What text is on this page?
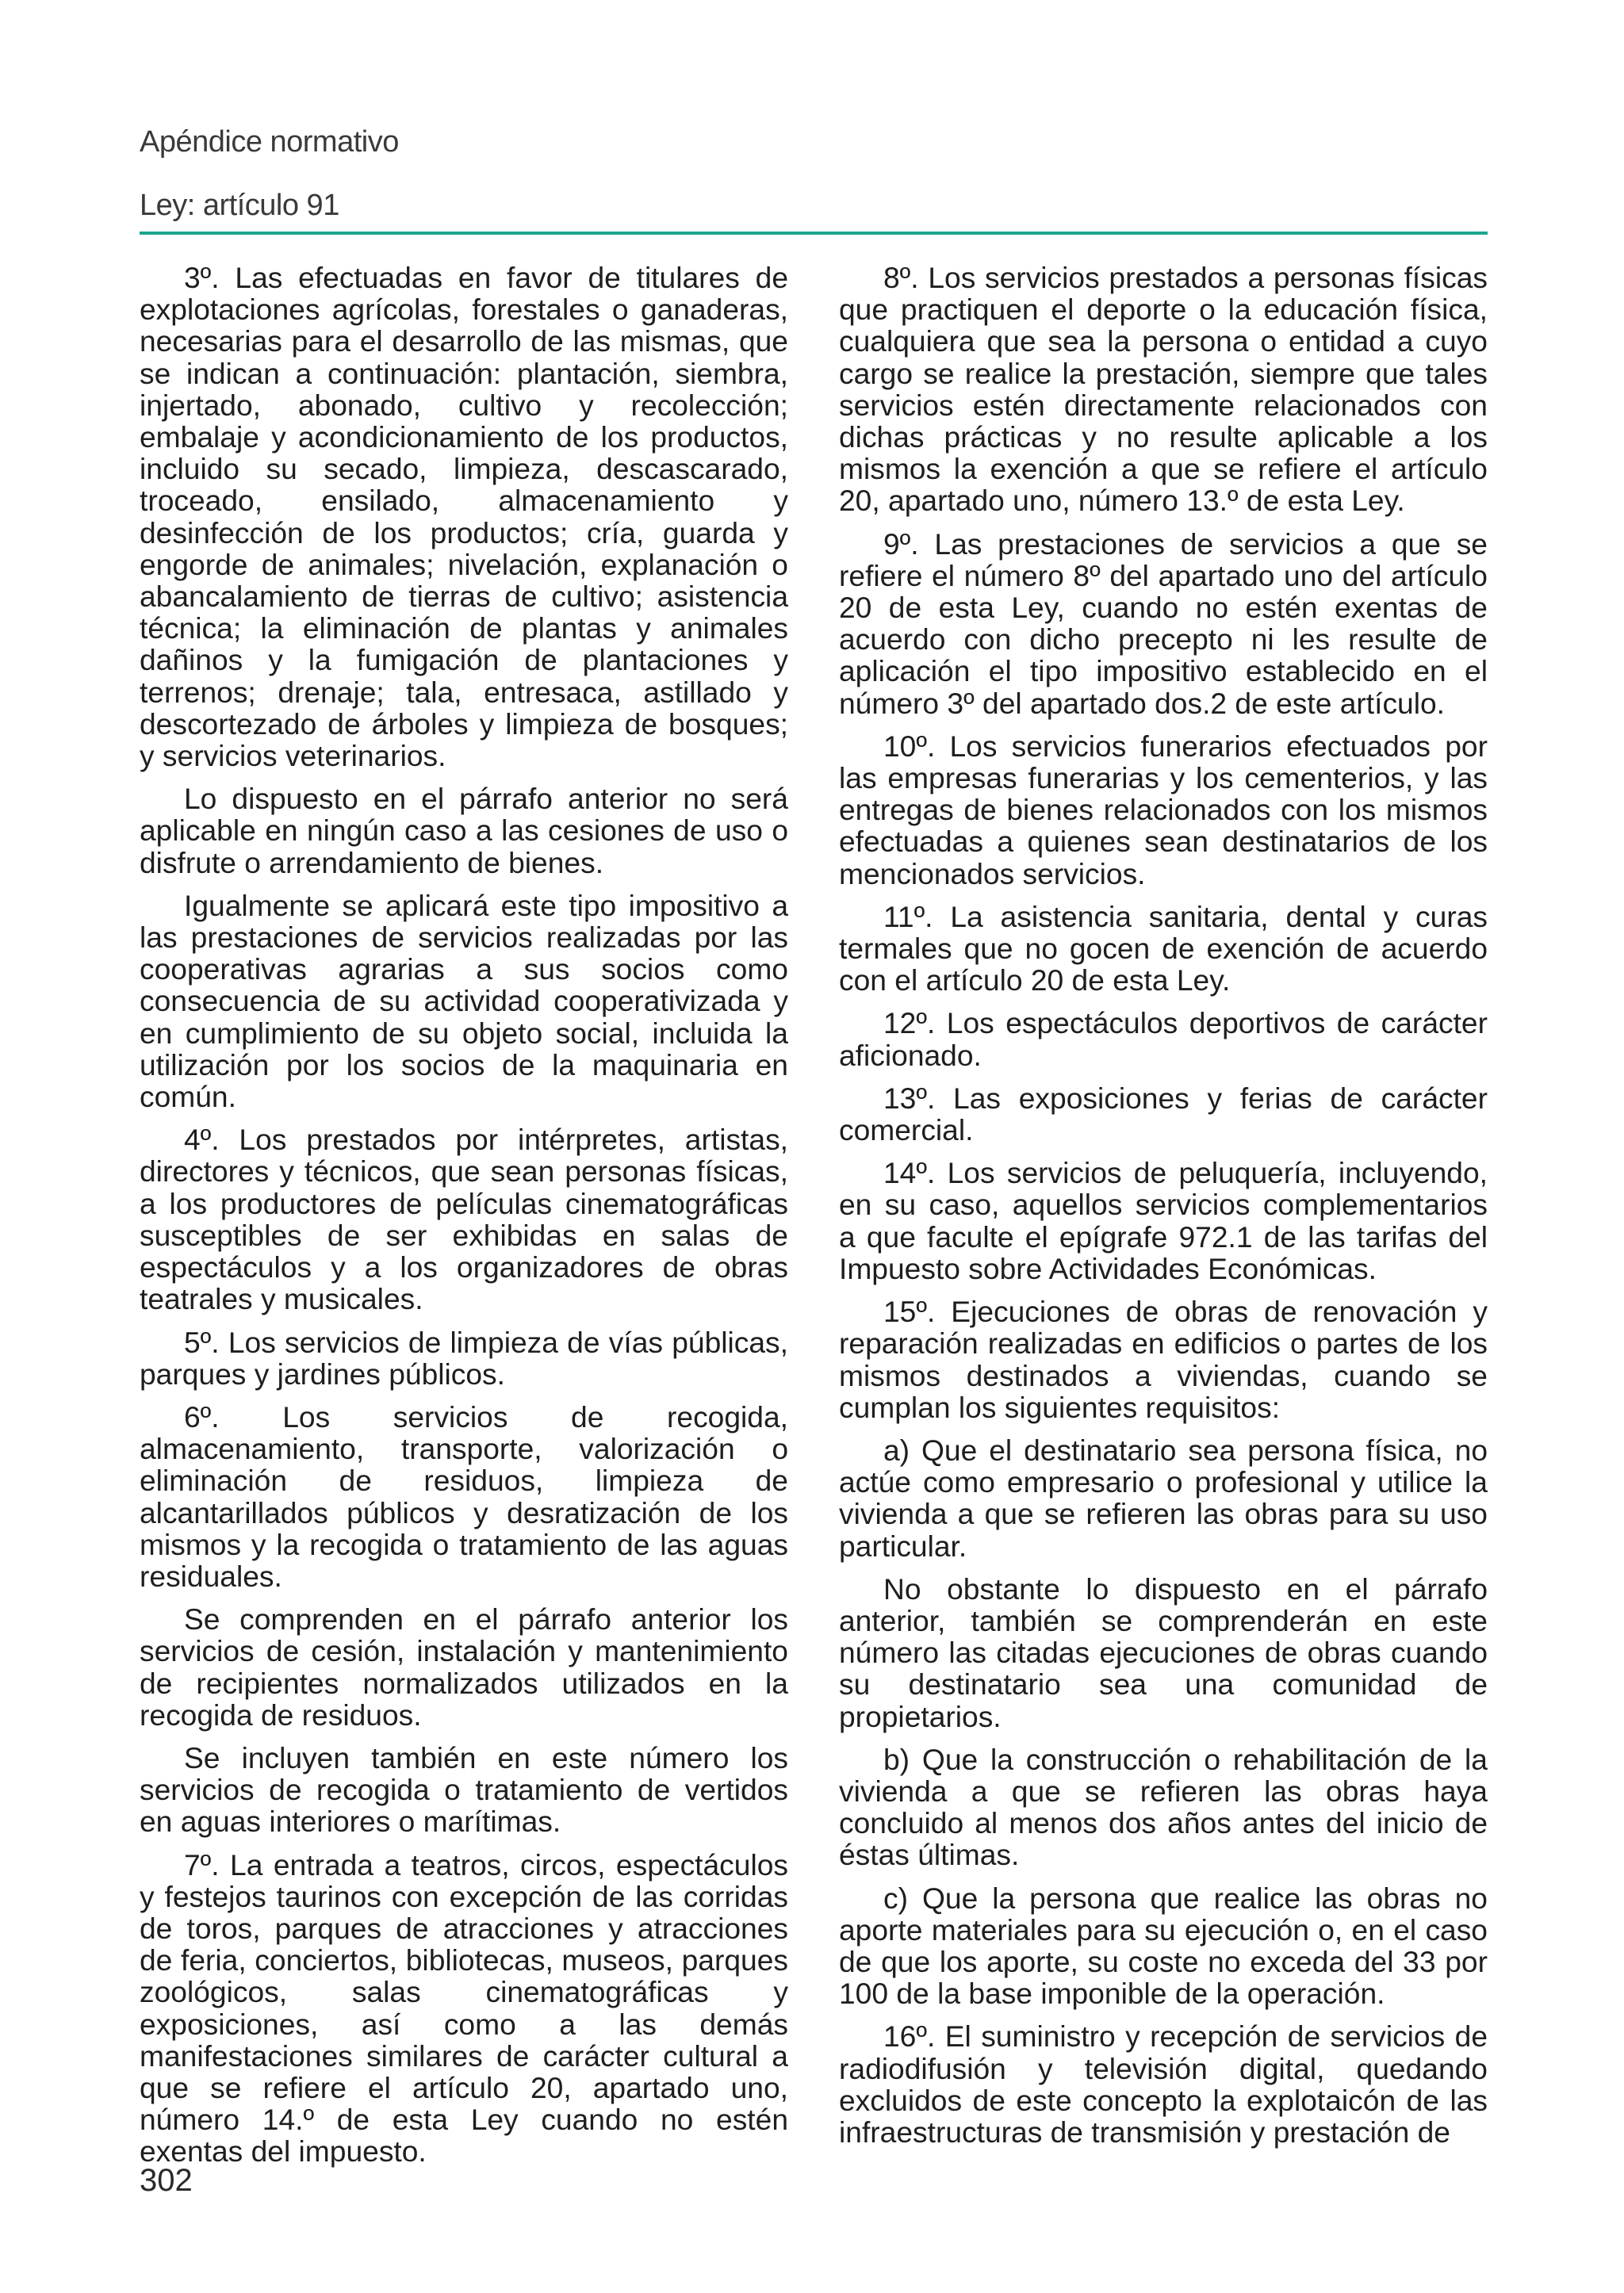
Apéndice normativo
Ley: artículo 91

3º. Las efectuadas en favor de titulares de explotaciones agrícolas, forestales o ganaderas, necesarias para el desarrollo de las mismas, que se indican a continuación: plantación, siembra, injertado, abonado, cultivo y recolección; embalaje y acondicionamiento de los productos, incluido su secado, limpieza, descascarado, troceado, ensilado, almacenamiento y desinfección de los productos; cría, guarda y engorde de animales; nivelación, explanación o abancalamiento de tierras de cultivo; asistencia técnica; la eliminación de plantas y animales dañinos y la fumigación de plantaciones y terrenos; drenaje; tala, entresaca, astillado y descortezado de árboles y limpieza de bosques; y servicios veterinarios.

Lo dispuesto en el párrafo anterior no será aplicable en ningún caso a las cesiones de uso o disfrute o arrendamiento de bienes.

Igualmente se aplicará este tipo impositivo a las prestaciones de servicios realizadas por las cooperativas agrarias a sus socios como consecuencia de su actividad cooperativizada y en cumplimiento de su objeto social, incluida la utilización por los socios de la maquinaria en común.

4º. Los prestados por intérpretes, artistas, directores y técnicos, que sean personas físicas, a los productores de películas cinematográficas susceptibles de ser exhibidas en salas de espectáculos y a los organizadores de obras teatrales y musicales.

5º. Los servicios de limpieza de vías públicas, parques y jardines públicos.

6º. Los servicios de recogida, almacenamiento, transporte, valorización o eliminación de residuos, limpieza de alcantarillados públicos y desratización de los mismos y la recogida o tratamiento de las aguas residuales.

Se comprenden en el párrafo anterior los servicios de cesión, instalación y mantenimiento de recipientes normalizados utilizados en la recogida de residuos.

Se incluyen también en este número los servicios de recogida o tratamiento de vertidos en aguas interiores o marítimas.

7º. La entrada a teatros, circos, espectáculos y festejos taurinos con excepción de las corridas de toros, parques de atracciones y atracciones de feria, conciertos, bibliotecas, museos, parques zoológicos, salas cinematográficas y exposiciones, así como a las demás manifestaciones similares de carácter cultural a que se refiere el artículo 20, apartado uno, número 14.º de esta Ley cuando no estén exentas del impuesto.

8º. Los servicios prestados a personas físicas que practiquen el deporte o la educación física, cualquiera que sea la persona o entidad a cuyo cargo se realice la prestación, siempre que tales servicios estén directamente relacionados con dichas prácticas y no resulte aplicable a los mismos la exención a que se refiere el artículo 20, apartado uno, número 13.º de esta Ley.

9º. Las prestaciones de servicios a que se refiere el número 8º del apartado uno del artículo 20 de esta Ley, cuando no estén exentas de acuerdo con dicho precepto ni les resulte de aplicación el tipo impositivo establecido en el número 3º del apartado dos.2 de este artículo.

10º. Los servicios funerarios efectuados por las empresas funerarias y los cementerios, y las entregas de bienes relacionados con los mismos efectuadas a quienes sean destinatarios de los mencionados servicios.

11º. La asistencia sanitaria, dental y curas termales que no gocen de exención de acuerdo con el artículo 20 de esta Ley.

12º. Los espectáculos deportivos de carácter aficionado.

13º. Las exposiciones y ferias de carácter comercial.

14º. Los servicios de peluquería, incluyendo, en su caso, aquellos servicios complementarios a que faculte el epígrafe 972.1 de las tarifas del Impuesto sobre Actividades Económicas.

15º. Ejecuciones de obras de renovación y reparación realizadas en edificios o partes de los mismos destinados a viviendas, cuando se cumplan los siguientes requisitos:

a) Que el destinatario sea persona física, no actúe como empresario o profesional y utilice la vivienda a que se refieren las obras para su uso particular.

No obstante lo dispuesto en el párrafo anterior, también se comprenderán en este número las citadas ejecuciones de obras cuando su destinatario sea una comunidad de propietarios.

b) Que la construcción o rehabilitación de la vivienda a que se refieren las obras haya concluido al menos dos años antes del inicio de éstas últimas.

c) Que la persona que realice las obras no aporte materiales para su ejecución o, en el caso de que los aporte, su coste no exceda del 33 por 100 de la base imponible de la operación.

16º. El suministro y recepción de servicios de radiodifusión y televisión digital, quedando excluidos de este concepto la explotaicón de las infraestructuras de transmisión y prestación de

302
